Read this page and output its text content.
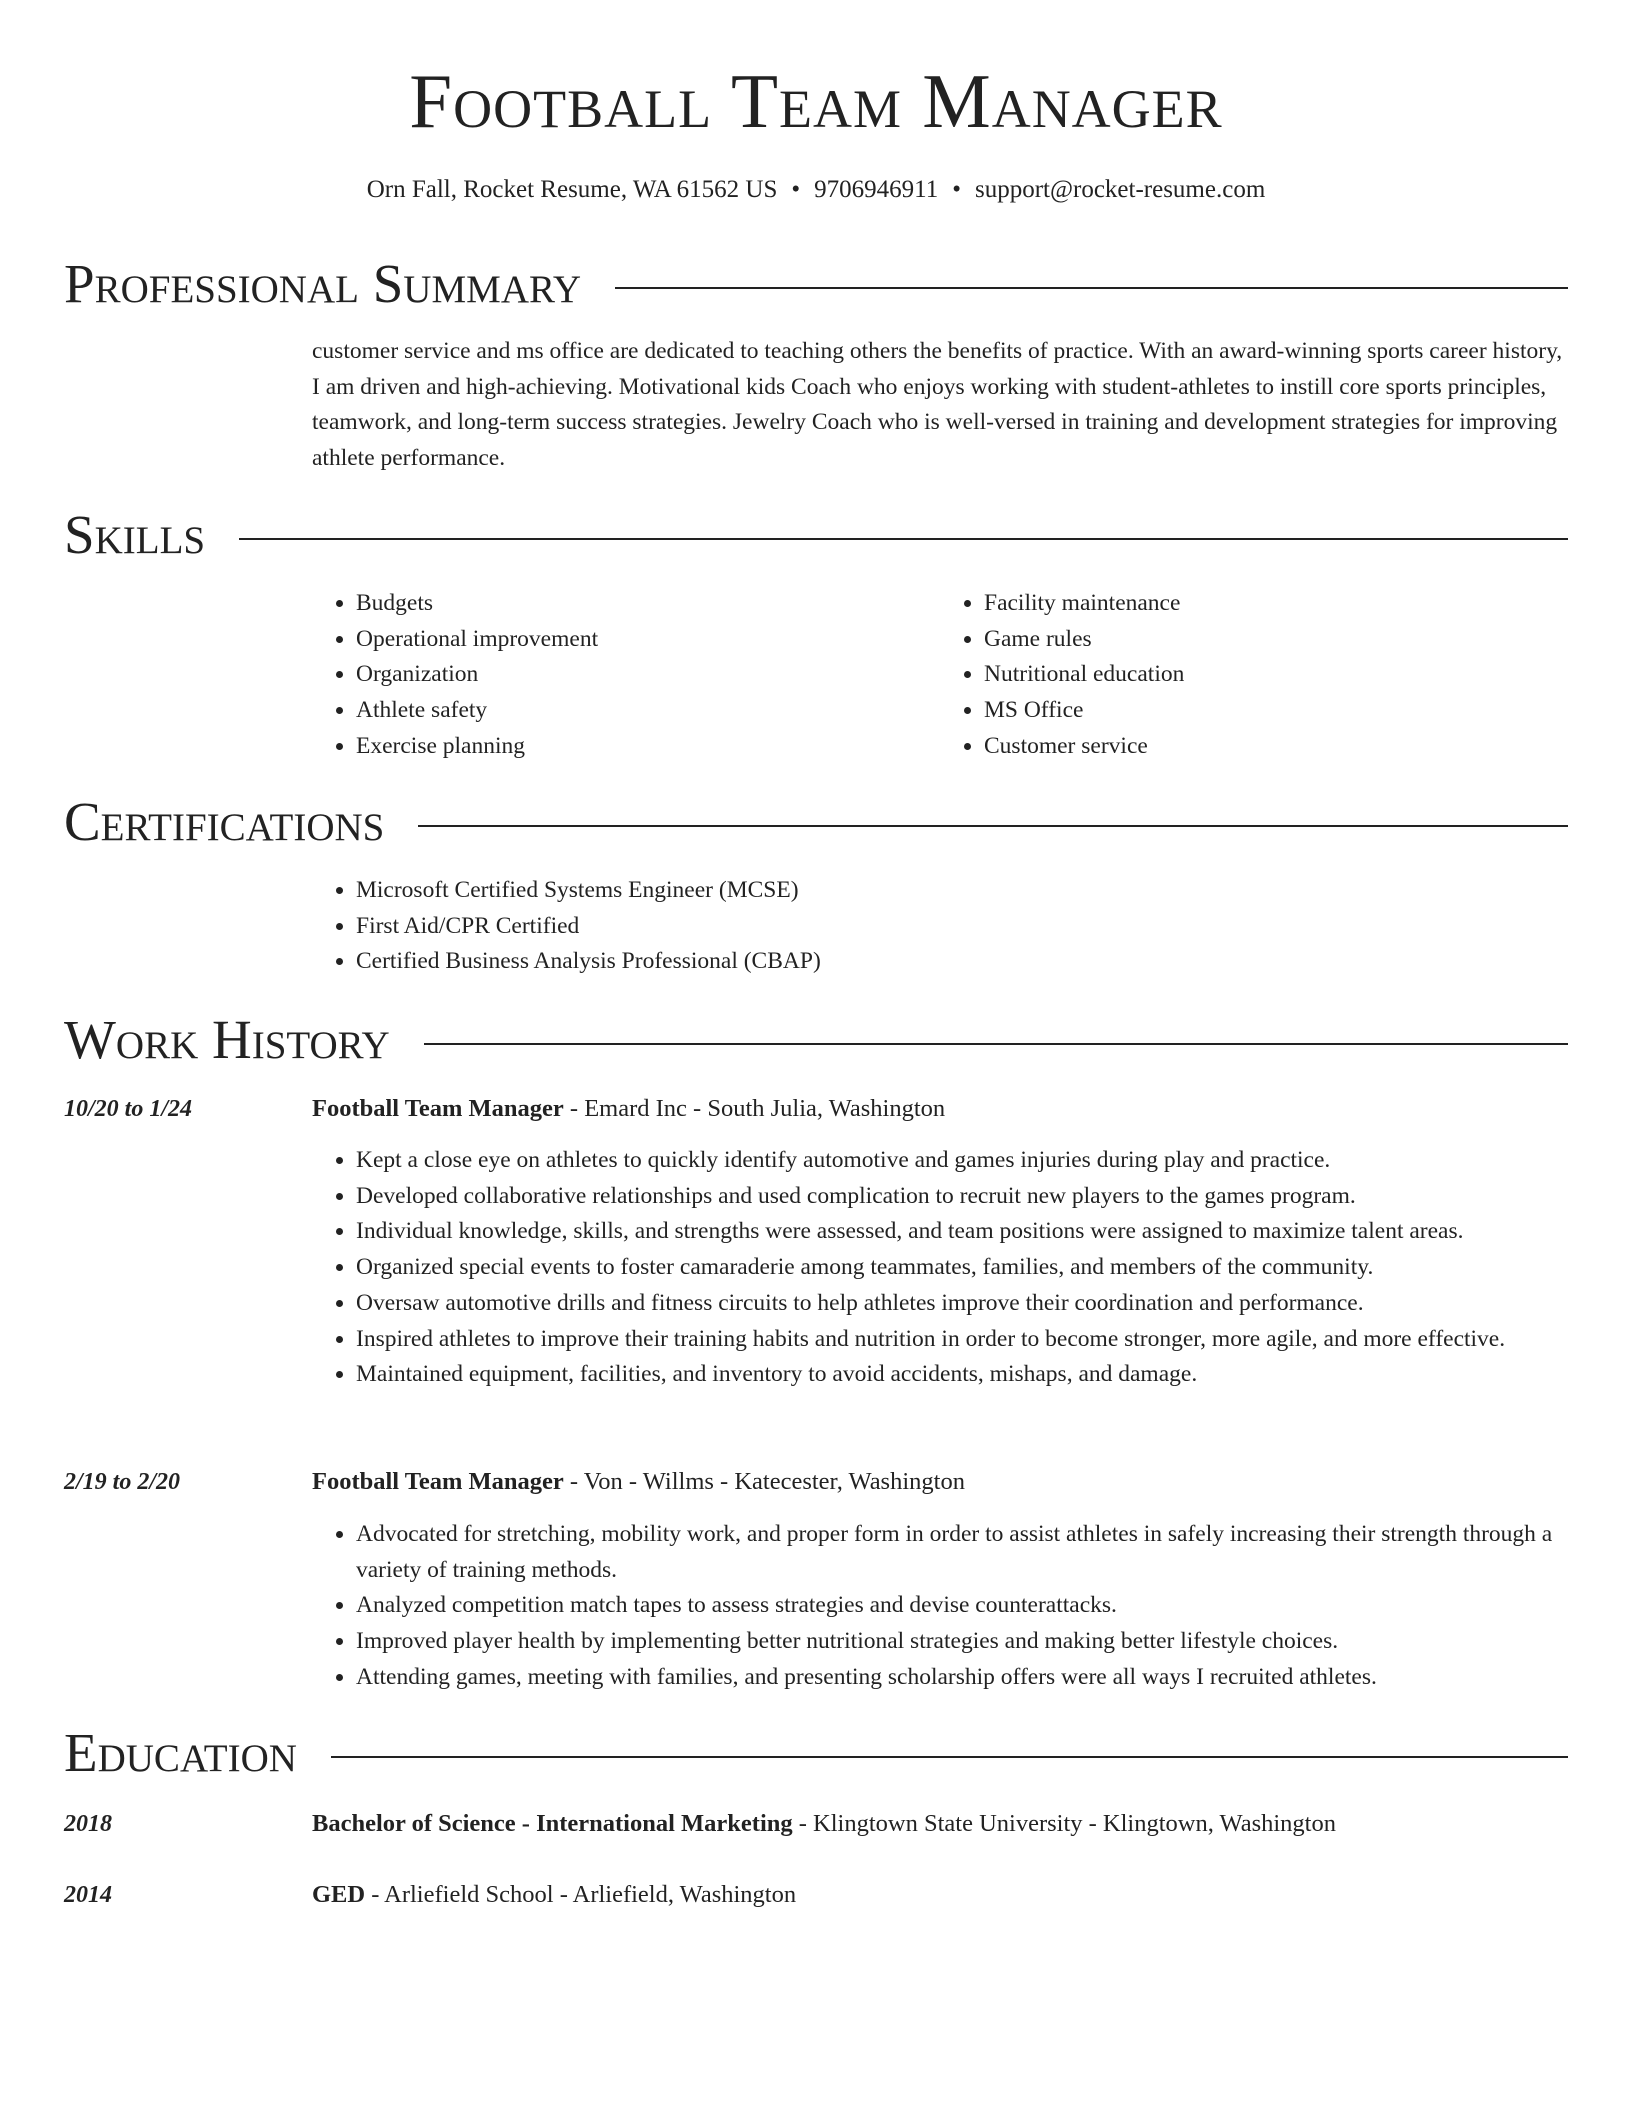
Football Team Manager
Orn Fall, Rocket Resume, WA 61562 US • 9706946911 • support@rocket-resume.com
Professional Summary

customer service and ms office are dedicated to teaching others the benefits of practice. With an award-winning sports career history, I am driven and high-achieving. Motivational kids Coach who enjoys working with student-athletes to instill core sports principles, teamwork, and long-term success strategies. Jewelry Coach who is well-versed in training and development strategies for improving athlete performance.

Skills
• Budgets
• Operational improvement
• Organization
• Athlete safety
• Exercise planning
• Facility maintenance
• Game rules
• Nutritional education
• MS Office
• Customer service
Certifications
• Microsoft Certified Systems Engineer (MCSE)
• First Aid/CPR Certified
• Certified Business Analysis Professional (CBAP)
Work History
10/20 to 1/24	Football Team Manager - Emard Inc - South Julia, Washington
• Kept a close eye on athletes to quickly identify automotive and games injuries during play and practice.
• Developed collaborative relationships and used complication to recruit new players to the games program.
• Individual knowledge, skills, and strengths were assessed, and team positions were assigned to maximize talent areas.
• Organized special events to foster camaraderie among teammates, families, and members of the community.
• Oversaw automotive drills and fitness circuits to help athletes improve their coordination and performance.
• Inspired athletes to improve their training habits and nutrition in order to become stronger, more agile, and more effective.
• Maintained equipment, facilities, and inventory to avoid accidents, mishaps, and damage.
2/19 to 2/20	Football Team Manager - Von - Willms - Katecester, Washington
• Advocated for stretching, mobility work, and proper form in order to assist athletes in safely increasing their strength through a variety of training methods.
• Analyzed competition match tapes to assess strategies and devise counterattacks.
• Improved player health by implementing better nutritional strategies and making better lifestyle choices.
• Attending games, meeting with families, and presenting scholarship offers were all ways I recruited athletes.
Education
2018	Bachelor of Science - International Marketing - Klingtown State University - Klingtown, Washington
2014	GED - Arliefield School - Arliefield, Washington
